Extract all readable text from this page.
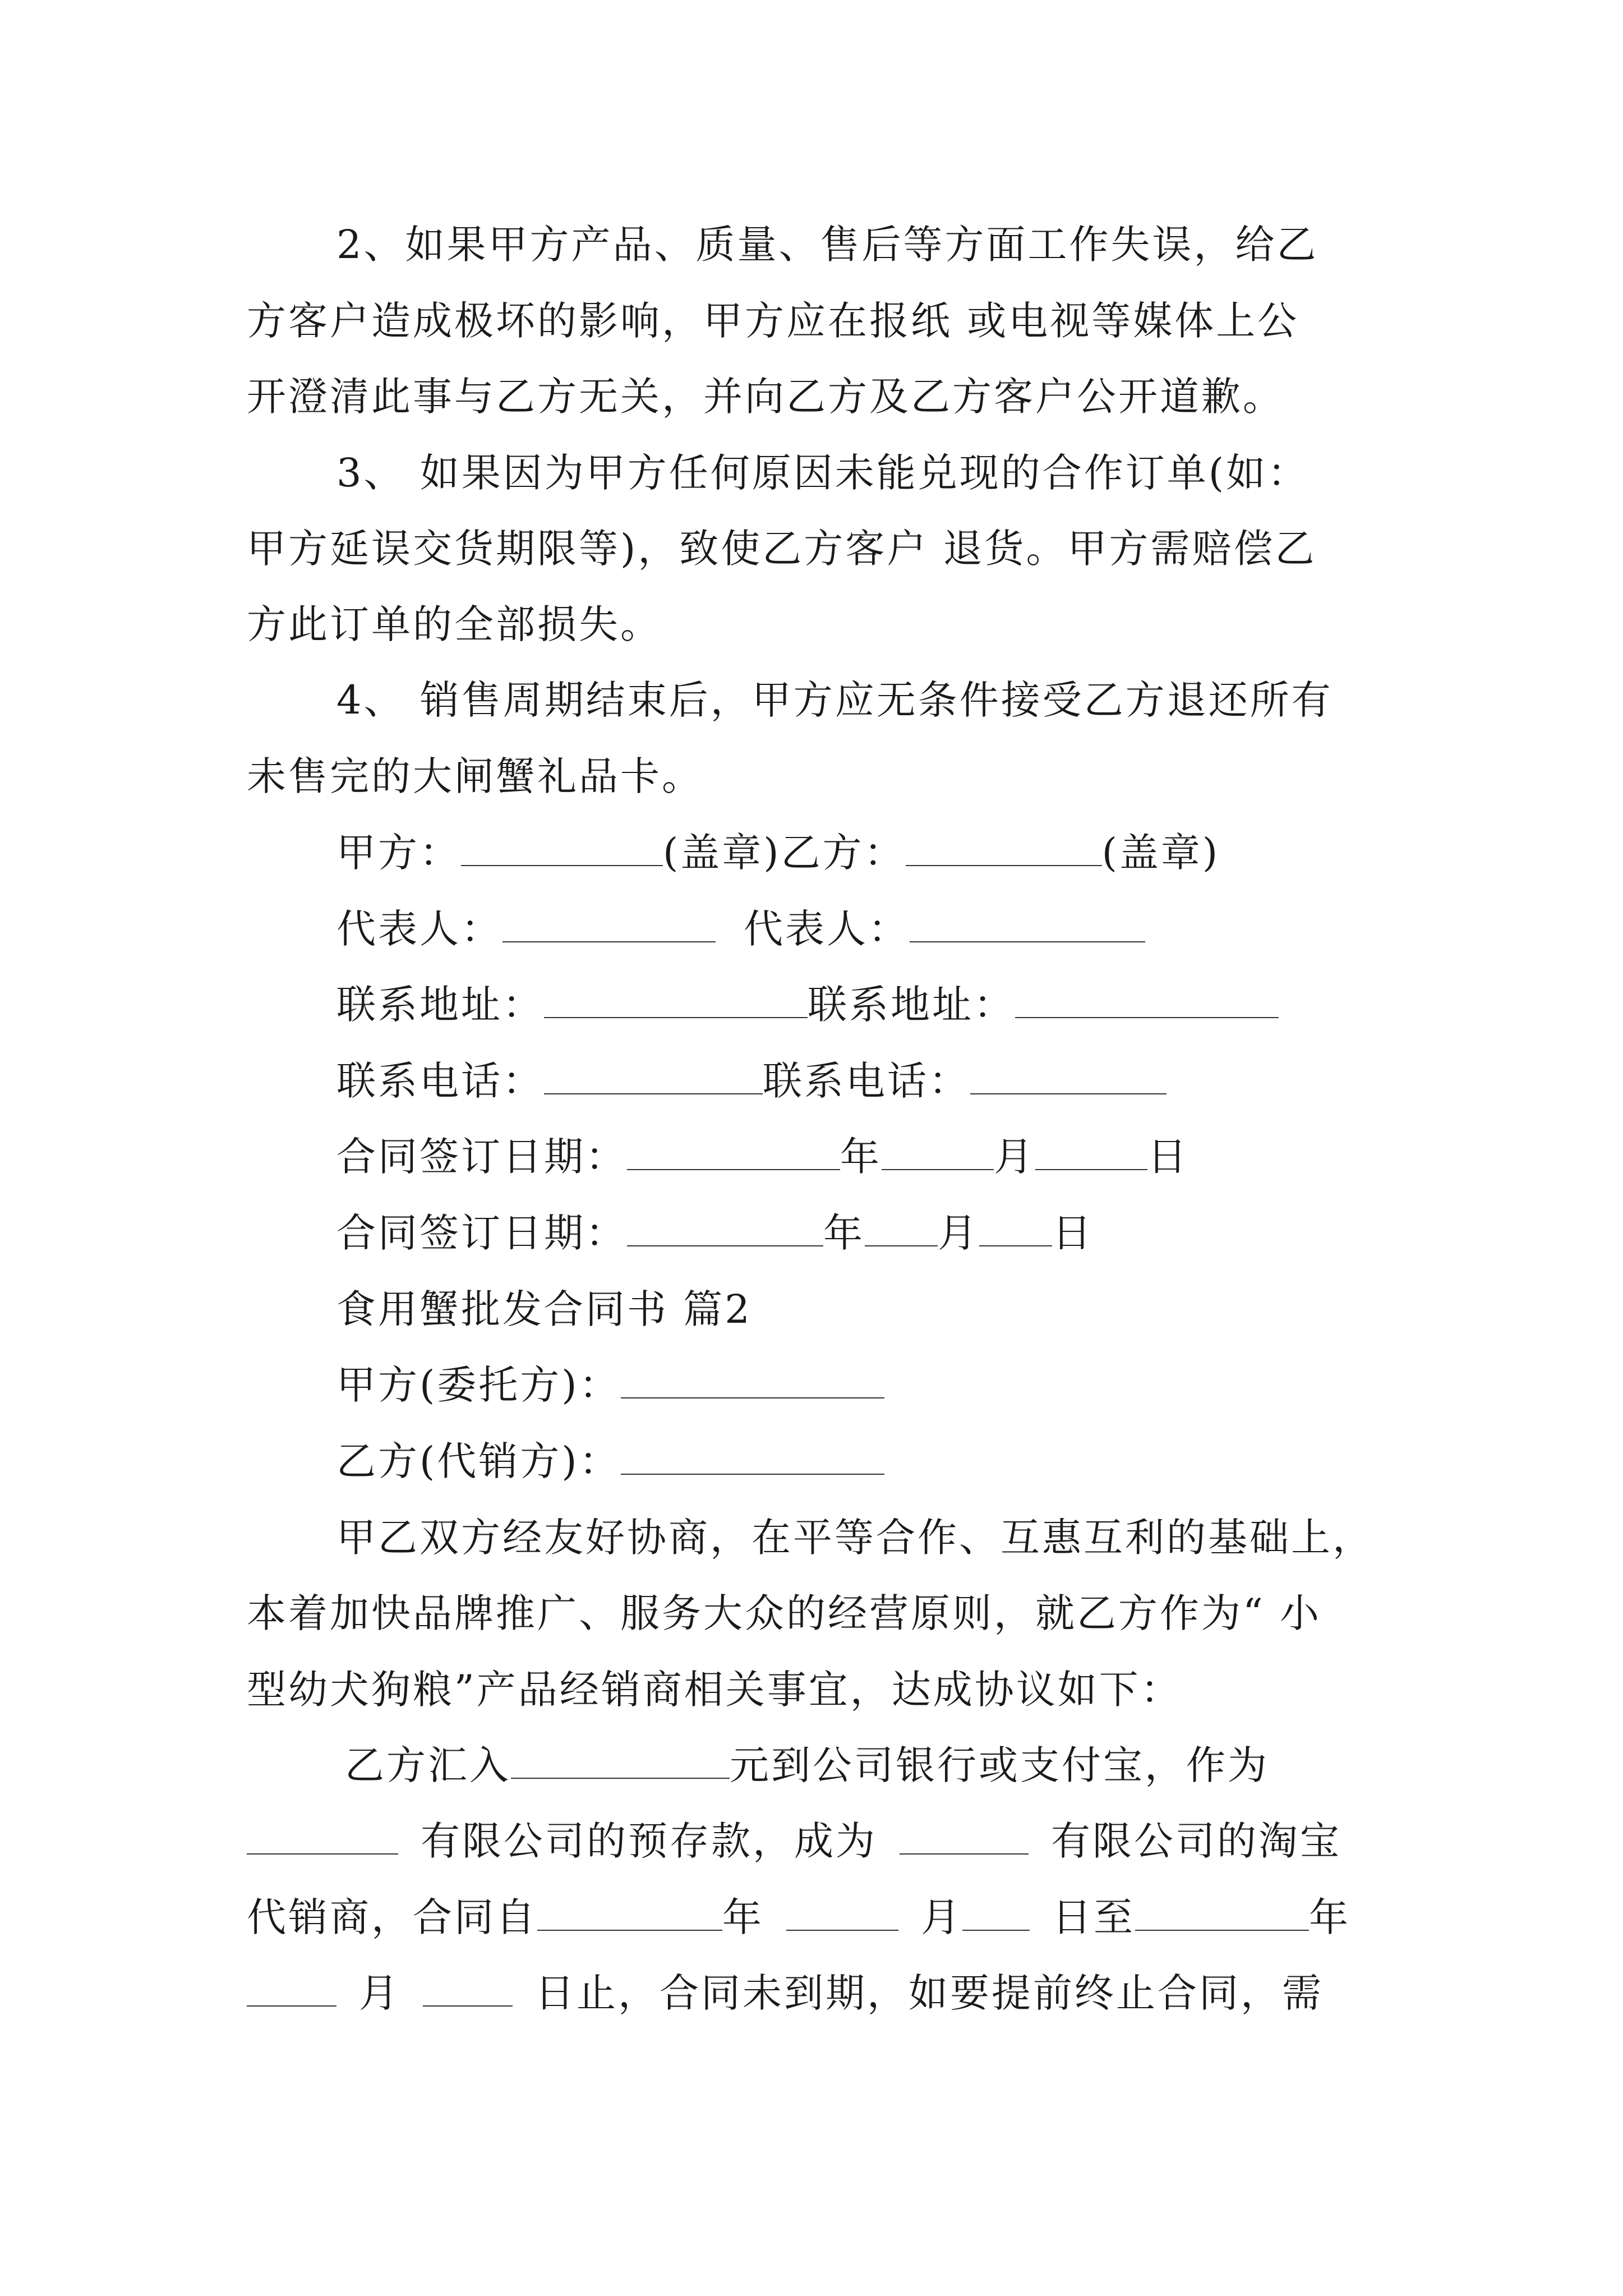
2、如果甲方产品、质量、售后等方面工作失误，给乙
方客户造成极坏的影响，甲方应在报纸 或电视等媒体上公
开澄清此事与乙方无关，并向乙方及乙方客户公开道歉。
3、 如果因为甲方任何原因未能兑现的合作订单(如：
甲方延误交货期限等)，致使乙方客户 退货。甲方需赔偿乙
方此订单的全部损失。
4、 销售周期结束后，甲方应无条件接受乙方退还所有
未售完的大闸蟹礼品卡。
甲方：	(盖章)乙方：	(盖章)
代表人：	代表人：
联系地址：	联系地址：
联系电话：	联系电话：
合同签订日期：	年	月	日
合同签订日期：	年 月 日
食用蟹批发合同书 篇2
甲方(委托方)：
乙方(代销方)：
甲乙双方经友好协商，在平等合作、互惠互利的基础上，
本着加快品牌推广、服务大众的经营原则，就乙方作为“ 小
型幼犬狗粮”产品经销商相关事宜，达成协议如下：
乙方汇入	元到公司银行或支付宝，作为
有限公司的预存款，成为	有限公司的淘宝
代销商，合同自	年	月 日至	年
月	日止，合同未到期，如要提前终止合同，需
